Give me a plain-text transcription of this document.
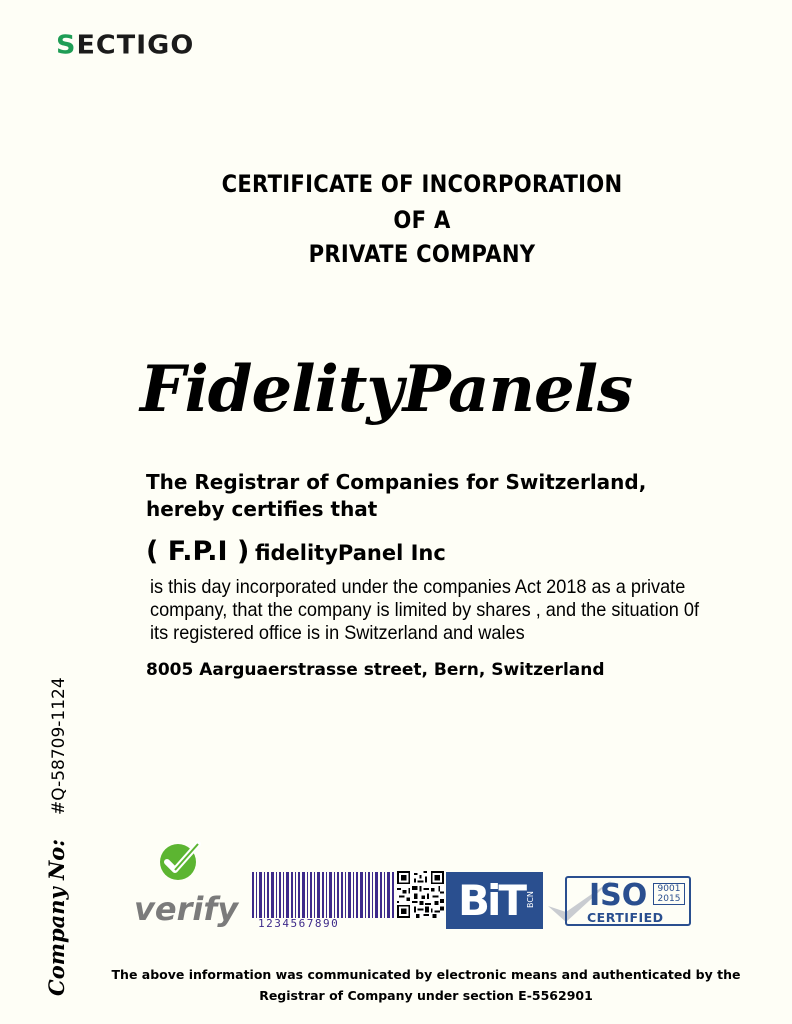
SECTIGO
CERTIFICATE OF INCORPORATION
OF A
PRIVATE COMPANY
FidelityPanels
The Registrar of Companies for Switzerland,
hereby certifies that
( F.P.I ) fidelityPanel Inc
is this day incorporated under the companies Act 2018 as a private
company, that the company is limited by shares , and the situation 0f
its registered office is in Switzerland and wales
8005 Aarguaerstrasse street, Bern, Switzerland
Company No:
#Q-58709-1124
verify 1234567890	BiT BCN ISO	9001
2015
CERTIFIED
The above information was communicated by electronic means and authenticated by the
Registrar of Company under section E-5562901
